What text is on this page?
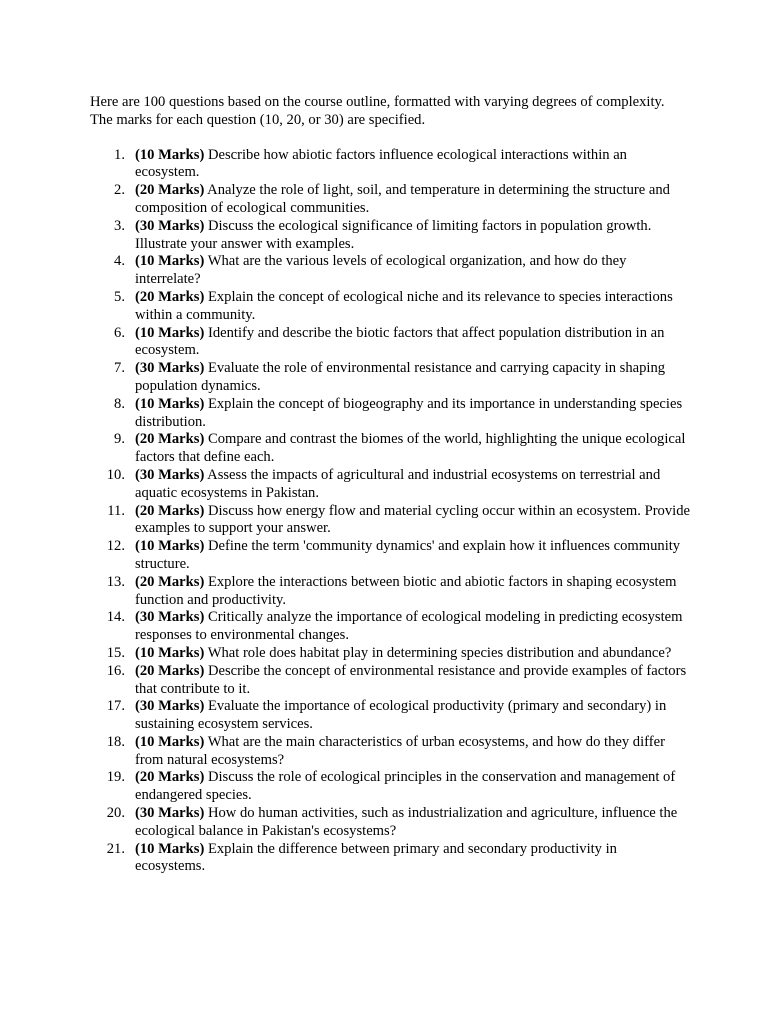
Here are 100 questions based on the course outline, formatted with varying degrees of complexity. The marks for each question (10, 20, or 30) are specified.

1. (10 Marks) Describe how abiotic factors influence ecological interactions within an ecosystem.
2. (20 Marks) Analyze the role of light, soil, and temperature in determining the structure and composition of ecological communities.
3. (30 Marks) Discuss the ecological significance of limiting factors in population growth. Illustrate your answer with examples.
4. (10 Marks) What are the various levels of ecological organization, and how do they interrelate?
5. (20 Marks) Explain the concept of ecological niche and its relevance to species interactions within a community.
6. (10 Marks) Identify and describe the biotic factors that affect population distribution in an ecosystem.
7. (30 Marks) Evaluate the role of environmental resistance and carrying capacity in shaping population dynamics.
8. (10 Marks) Explain the concept of biogeography and its importance in understanding species distribution.
9. (20 Marks) Compare and contrast the biomes of the world, highlighting the unique ecological factors that define each.
10. (30 Marks) Assess the impacts of agricultural and industrial ecosystems on terrestrial and aquatic ecosystems in Pakistan.
11. (20 Marks) Discuss how energy flow and material cycling occur within an ecosystem. Provide examples to support your answer.
12. (10 Marks) Define the term 'community dynamics' and explain how it influences community structure.
13. (20 Marks) Explore the interactions between biotic and abiotic factors in shaping ecosystem function and productivity.
14. (30 Marks) Critically analyze the importance of ecological modeling in predicting ecosystem responses to environmental changes.
15. (10 Marks) What role does habitat play in determining species distribution and abundance?
16. (20 Marks) Describe the concept of environmental resistance and provide examples of factors that contribute to it.
17. (30 Marks) Evaluate the importance of ecological productivity (primary and secondary) in sustaining ecosystem services.
18. (10 Marks) What are the main characteristics of urban ecosystems, and how do they differ from natural ecosystems?
19. (20 Marks) Discuss the role of ecological principles in the conservation and management of endangered species.
20. (30 Marks) How do human activities, such as industrialization and agriculture, influence the ecological balance in Pakistan's ecosystems?
21. (10 Marks) Explain the difference between primary and secondary productivity in ecosystems.
